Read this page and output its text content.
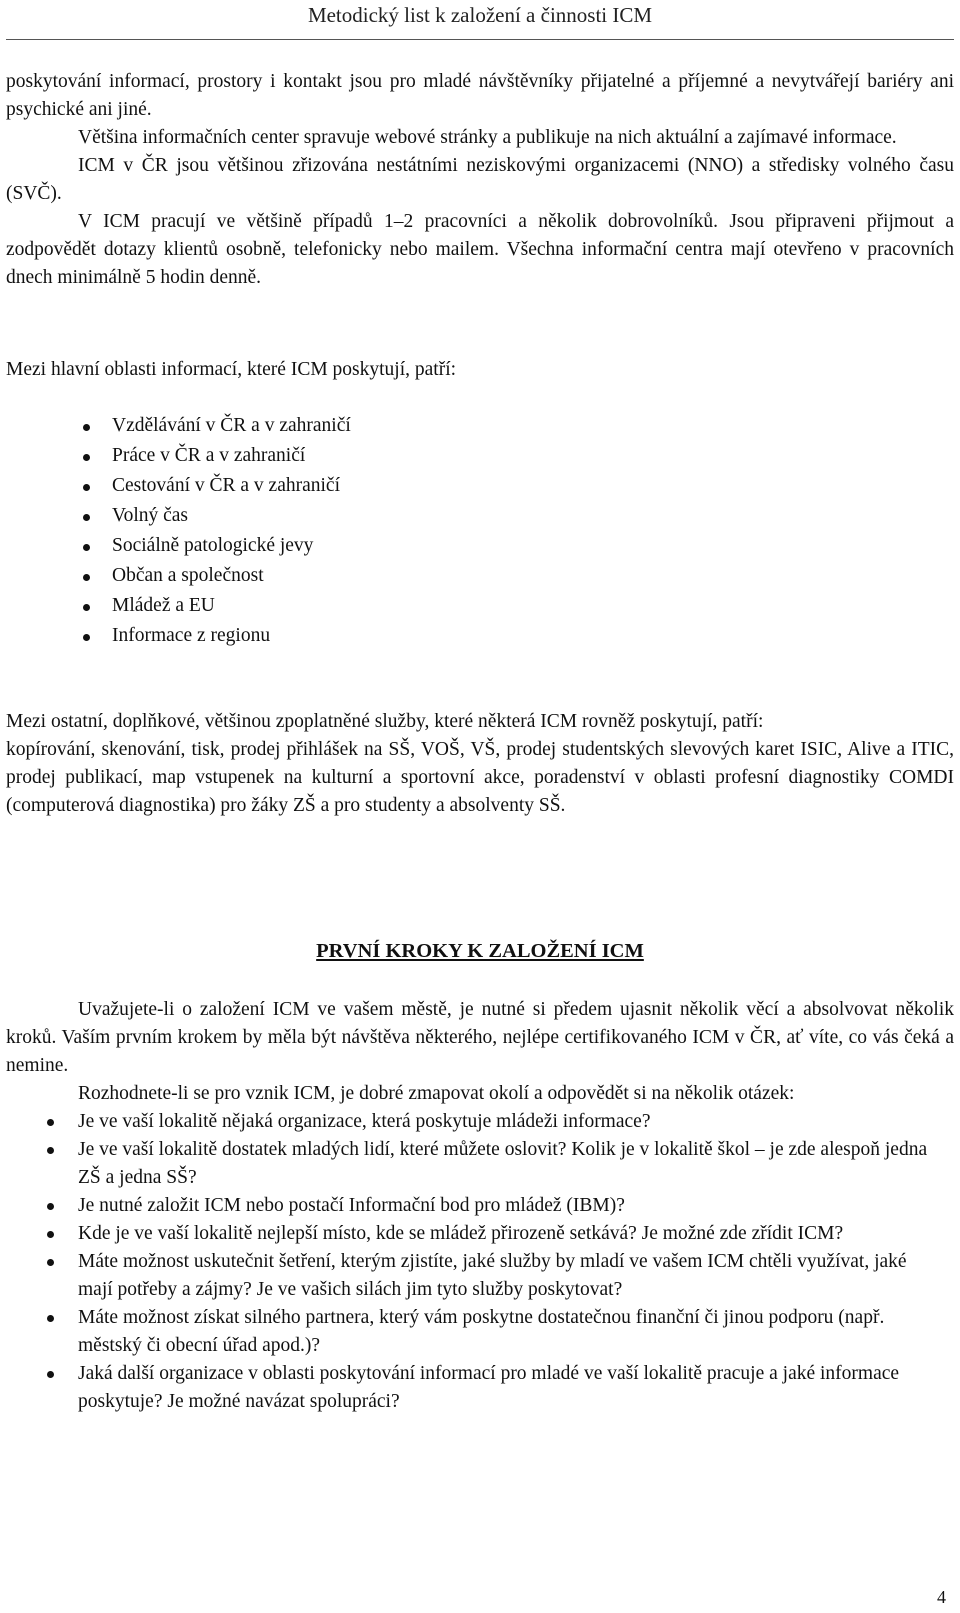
Metodický list k založení a činnosti ICM

poskytování informací, prostory i kontakt jsou pro mladé návštěvníky přijatelné a příjemné a nevytvářejí bariéry ani psychické ani jiné.

Většina informačních center spravuje webové stránky a publikuje na nich aktuální a zajímavé informace.

ICM v ČR jsou většinou zřizována nestátními neziskovými organizacemi (NNO) a středisky volného času (SVČ).

V ICM pracují ve většině případů 1–2 pracovníci a několik dobrovolníků. Jsou připraveni přijmout a zodpovědět dotazy klientů osobně, telefonicky nebo mailem. Všechna informační centra mají otevřeno v pracovních dnech minimálně 5 hodin denně.

Mezi hlavní oblasti informací, které ICM poskytují, patří:
Vzdělávání v ČR a v zahraničí
Práce v ČR a v zahraničí
Cestování v ČR a v zahraničí
Volný čas
Sociálně patologické jevy
Občan a společnost
Mládež a EU
Informace z regionu

Mezi ostatní, doplňkové, většinou zpoplatněné služby, které některá ICM rovněž poskytují, patří:

kopírování, skenování, tisk, prodej přihlášek na SŠ, VOŠ, VŠ, prodej studentských slevových karet ISIC, Alive a ITIC, prodej publikací, map vstupenek na kulturní a sportovní akce, poradenství v oblasti profesní diagnostiky COMDI (computerová diagnostika) pro žáky ZŠ a pro studenty a absolventy SŠ.

PRVNÍ KROKY K ZALOŽENÍ ICM

Uvažujete-li o založení ICM ve vašem městě, je nutné si předem ujasnit několik věcí a absolvovat několik kroků. Vaším prvním krokem by měla být návštěva některého, nejlépe certifikovaného ICM v ČR, ať víte, co vás čeká a nemine.

Rozhodnete-li se pro vznik ICM, je dobré zmapovat okolí a odpovědět si na několik otázek:

Je ve vaší lokalitě nějaká organizace, která poskytuje mládeži informace?
Je ve vaší lokalitě dostatek mladých lidí, které můžete oslovit? Kolik je v lokalitě škol – je zde alespoň jedna ZŠ a jedna SŠ?
Je nutné založit ICM nebo postačí Informační bod pro mládež (IBM)?
Kde je ve vaší lokalitě nejlepší místo, kde se mládež přirozeně setkává? Je možné zde zřídit ICM?
Máte možnost uskutečnit šetření, kterým zjistíte, jaké služby by mladí ve vašem ICM chtěli využívat, jaké mají potřeby a zájmy? Je ve vašich silách jim tyto služby poskytovat?
Máte možnost získat silného partnera, který vám poskytne dostatečnou finanční či jinou podporu (např. městský či obecní úřad apod.)?
Jaká další organizace v oblasti poskytování informací pro mladé ve vaší lokalitě pracuje a jaké informace poskytuje? Je možné navázat spolupráci?
4
